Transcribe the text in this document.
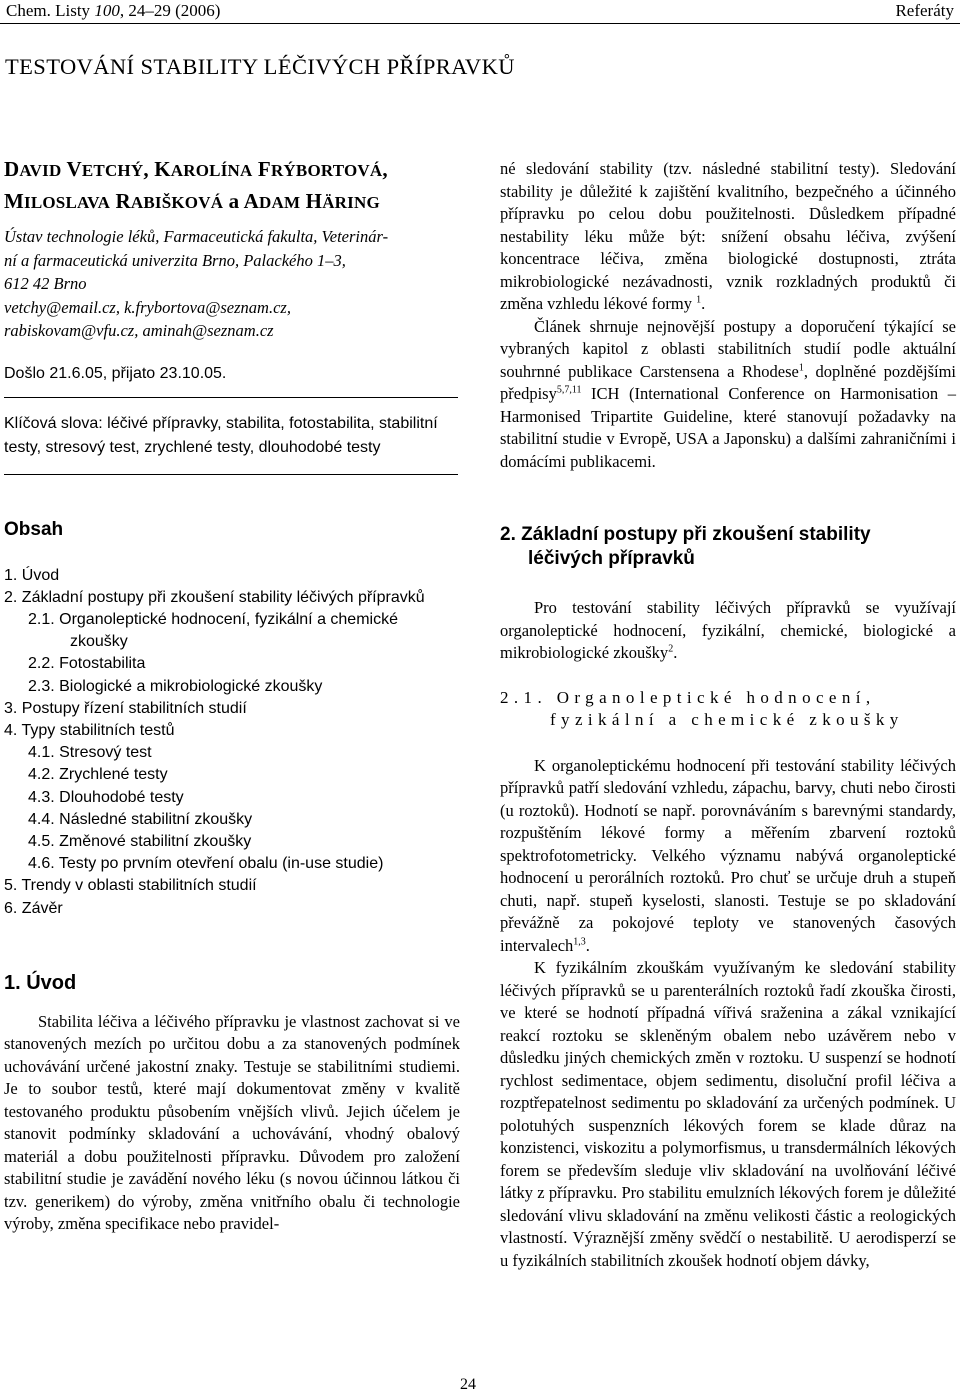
Chem. Listy 100, 24–29 (2006)	Referáty
TESTOVÁNÍ STABILITY LÉČIVÝCH PŘÍPRAVKŮ

DAVID VETCHÝ, KAROLÍNA FRÝBORTOVÁ,
MILOSLAVA RABIŠKOVÁ a ADAM HÄRING

Ústav technologie léků, Farmaceutická fakulta, Veterinár-
ní a farmaceutická univerzita Brno, Palackého 1–3,
612 42 Brno
vetchy@email.cz, k.frybortova@seznam.cz,
rabiskovam@vfu.cz, aminah@seznam.cz

Došlo 21.6.05, přijato 23.10.05.

Klíčová slova: léčivé přípravky, stabilita, fotostabilita, stabilitní testy, stresový test, zrychlené testy, dlouhodobé testy

Obsah
1. Úvod
2. Základní postupy při zkoušení stability léčivých přípravků
2.1. Organoleptické hodnocení, fyzikální a chemické zkoušky
2.2. Fotostabilita
2.3. Biologické a mikrobiologické zkoušky
3. Postupy řízení stabilitních studií
4. Typy stabilitních testů
4.1. Stresový test
4.2. Zrychlené testy
4.3. Dlouhodobé testy
4.4. Následné stabilitní zkoušky
4.5. Změnové stabilitní zkoušky
4.6. Testy po prvním otevření obalu (in-use studie)
5. Trendy v oblasti stabilitních studií
6. Závěr
1. Úvod

Stabilita léčiva a léčivého přípravku je vlastnost zachovat si ve stanovených mezích po určitou dobu a za stanovených podmínek uchovávání určené jakostní znaky. Testuje se stabilitními studiemi. Je to soubor testů, které mají dokumentovat změny v kvalitě testovaného produktu působením vnějších vlivů. Jejich účelem je stanovit podmínky skladování a uchovávání, vhodný obalový materiál a dobu použitelnosti přípravku. Důvodem pro založení stabilitní studie je zavádění nového léku (s novou účinnou látkou či tzv. generikem) do výroby, změna vnitřního obalu či technologie výroby, změna specifikace nebo pravidel-

né sledování stability (tzv. následné stabilitní testy). Sledování stability je důležité k zajištění kvalitního, bezpečného a účinného přípravku po celou dobu použitelnosti. Důsledkem případné nestability léku může být: snížení obsahu léčiva, zvýšení koncentrace léčiva, změna biologické dostupnosti, ztráta mikrobiologické nezávadnosti, vznik rozkladných produktů či změna vzhledu lékové formy $^1$.

Článek shrnuje nejnovější postupy a doporučení týkající se vybraných kapitol z oblasti stabilitních studií podle aktuální souhrnné publikace Carstensena a Rhodese$^1$, doplněné pozdějšími předpisy$^{5,7,11}$ ICH (International Conference on Harmonisation – Harmonised Tripartite Guideline, které stanovují požadavky na stabilitní studie v Evropě, USA a Japonsku) a dalšími zahraničními i domácími publikacemi.

2. Základní postupy při zkoušení stability
léčivých přípravků

Pro testování stability léčivých přípravků se využívají organoleptické hodnocení, fyzikální, chemické, biologické a mikrobiologické zkoušky$^2$.

2.1. Organoleptické hodnocení,
fyzikální a chemické zkoušky

K organoleptickému hodnocení při testování stability léčivých přípravků patří sledování vzhledu, zápachu, barvy, chuti nebo čirosti (u roztoků). Hodnotí se např. porovnáváním s barevnými standardy, rozpuštěním lékové formy a měřením zbarvení roztoků spektrofotometricky. Velkého významu nabývá organoleptické hodnocení u perorálních roztoků. Pro chuť se určuje druh a stupeň chuti, např. stupeň kyselosti, slanosti. Testuje se po skladování převážně za pokojové teploty ve stanovených časových intervalech$^{1,3}$.

K fyzikálním zkouškám využívaným ke sledování stability léčivých přípravků se u parenterálních roztoků řadí zkouška čirosti, ve které se hodnotí případná vířivá sraženina a zákal vznikající reakcí roztoku se skleněným obalem nebo uzávěrem nebo v důsledku jiných chemických změn v roztoku. U suspenzí se hodnotí rychlost sedimentace, objem sedimentu, disoluční profil léčiva a rozptřepatelnost sedimentu po skladování za určených podmínek. U polotuhých suspenzních lékových forem se klade důraz na konzistenci, viskozitu a polymorfismus, u transdermálních lékových forem se především sleduje vliv skladování na uvolňování léčivé látky z přípravku. Pro stabilitu emulzních lékových forem je důležité sledování vlivu skladování na změnu velikosti částic a reologických vlastností. Výraznější změny svědčí o nestabilitě. U aerodisperzí se u fyzikálních stabilitních zkoušek hodnotí objem dávky,

24
